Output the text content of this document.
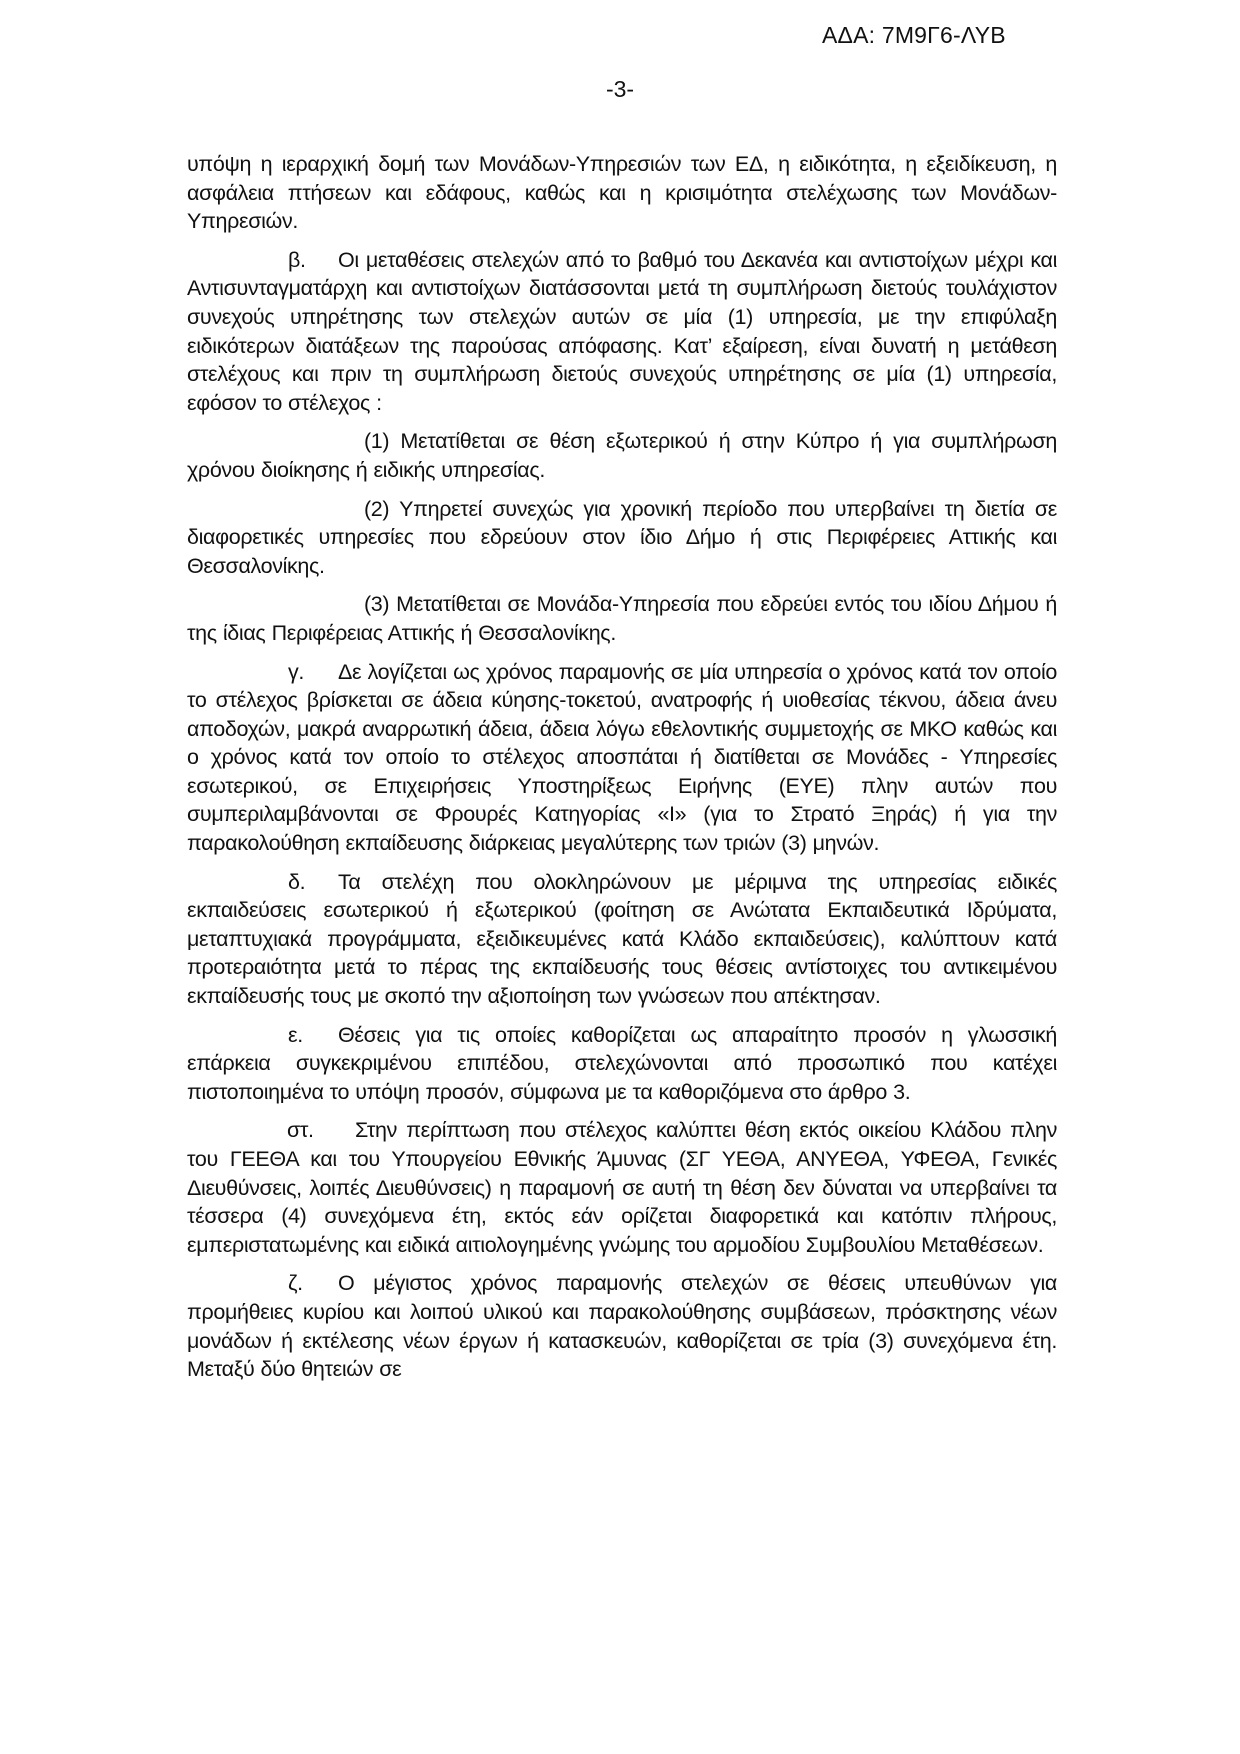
ΑΔΑ: 7Μ9Γ6-ΛΥΒ
-3-

υπόψη η ιεραρχική δομή των Μονάδων-Υπηρεσιών των ΕΔ, η ειδικότητα, η εξειδίκευση, η ασφάλεια πτήσεων και εδάφους, καθώς και η κρισιμότητα στελέχωσης των Μονάδων-Υπηρεσιών.

β. Οι μεταθέσεις στελεχών από το βαθμό του Δεκανέα και αντιστοίχων μέχρι και Αντισυνταγματάρχη και αντιστοίχων διατάσσονται μετά τη συμπλήρωση διετούς τουλάχιστον συνεχούς υπηρέτησης των στελεχών αυτών σε μία (1) υπηρεσία, με την επιφύλαξη ειδικότερων διατάξεων της παρούσας απόφασης. Κατ’ εξαίρεση, είναι δυνατή η μετάθεση στελέχους και πριν τη συμπλήρωση διετούς συνεχούς υπηρέτησης σε μία (1) υπηρεσία, εφόσον το στέλεχος :

(1) Μετατίθεται σε θέση εξωτερικού ή στην Κύπρο ή για συμπλήρωση χρόνου διοίκησης ή ειδικής υπηρεσίας.

(2) Υπηρετεί συνεχώς για χρονική περίοδο που υπερβαίνει τη διετία σε διαφορετικές υπηρεσίες που εδρεύουν στον ίδιο Δήμο ή στις Περιφέρειες Αττικής και Θεσσαλονίκης.

(3) Μετατίθεται σε Μονάδα-Υπηρεσία που εδρεύει εντός του ιδίου Δήμου ή της ίδιας Περιφέρειας Αττικής ή Θεσσαλονίκης.

γ. Δε λογίζεται ως χρόνος παραμονής σε μία υπηρεσία ο χρόνος κατά τον οποίο το στέλεχος βρίσκεται σε άδεια κύησης-τοκετού, ανατροφής ή υιοθεσίας τέκνου, άδεια άνευ αποδοχών, μακρά αναρρωτική άδεια, άδεια λόγω εθελοντικής συμμετοχής σε ΜΚΟ καθώς και ο χρόνος κατά τον οποίο το στέλεχος αποσπάται ή διατίθεται σε Μονάδες - Υπηρεσίες εσωτερικού, σε Επιχειρήσεις Υποστηρίξεως Ειρήνης (ΕΥΕ) πλην αυτών που συμπεριλαμβάνονται σε Φρουρές Κατηγορίας «Ι» (για το Στρατό Ξηράς) ή για την παρακολούθηση εκπαίδευσης διάρκειας μεγαλύτερης των τριών (3) μηνών.

δ. Τα στελέχη που ολοκληρώνουν με μέριμνα της υπηρεσίας ειδικές εκπαιδεύσεις εσωτερικού ή εξωτερικού (φοίτηση σε Ανώτατα Εκπαιδευτικά Ιδρύματα, μεταπτυχιακά προγράμματα, εξειδικευμένες κατά Κλάδο εκπαιδεύσεις), καλύπτουν κατά προτεραιότητα μετά το πέρας της εκπαίδευσής τους θέσεις αντίστοιχες του αντικειμένου εκπαίδευσής τους με σκοπό την αξιοποίηση των γνώσεων που απέκτησαν.

ε. Θέσεις για τις οποίες καθορίζεται ως απαραίτητο προσόν η γλωσσική επάρκεια συγκεκριμένου επιπέδου, στελεχώνονται από προσωπικό που κατέχει πιστοποιημένα το υπόψη προσόν, σύμφωνα με τα καθοριζόμενα στο άρθρο 3.

στ. Στην περίπτωση που στέλεχος καλύπτει θέση εκτός οικείου Κλάδου πλην του ΓΕΕΘΑ και του Υπουργείου Εθνικής Άμυνας (ΣΓ ΥΕΘΑ, ΑΝΥΕΘΑ, ΥΦΕΘΑ, Γενικές Διευθύνσεις, λοιπές Διευθύνσεις) η παραμονή σε αυτή τη θέση δεν δύναται να υπερβαίνει τα τέσσερα (4) συνεχόμενα έτη, εκτός εάν ορίζεται διαφορετικά και κατόπιν πλήρους, εμπεριστατωμένης και ειδικά αιτιολογημένης γνώμης του αρμοδίου Συμβουλίου Μεταθέσεων.

ζ. Ο μέγιστος χρόνος παραμονής στελεχών σε θέσεις υπευθύνων για προμήθειες κυρίου και λοιπού υλικού και παρακολούθησης συμβάσεων, πρόσκτησης νέων μονάδων ή εκτέλεσης νέων έργων ή κατασκευών, καθορίζεται σε τρία (3) συνεχόμενα έτη. Μεταξύ δύο θητειών σε
